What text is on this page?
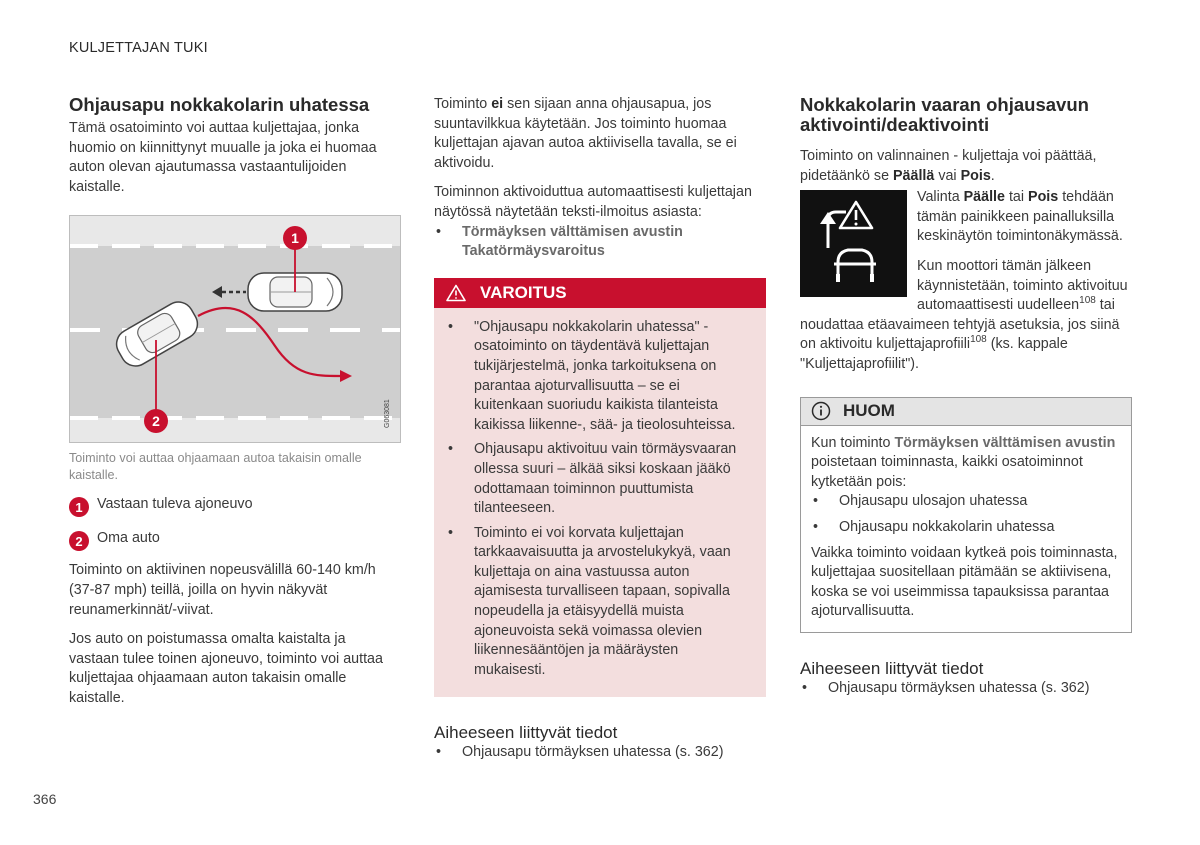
KULJETTAJAN TUKI
Ohjausapu nokkakolarin uhatessa

Tämä osatoiminto voi auttaa kuljettajaa, jonka huomio on kiinnittynyt muualle ja joka ei huomaa auton olevan ajautumassa vastaantulijoiden kaistalle.

1
2	G063081
Toiminto voi auttaa ohjaamaan autoa takaisin omalle kaistalle.
1	Vastaan tuleva ajoneuvo
2	Oma auto

Toiminto on aktiivinen nopeusvälillä 60-140 km/h (37-87 mph) teillä, joilla on hyvin näkyvät reunamerkinnät/-viivat.

Jos auto on poistumassa omalta kaistalta ja vastaan tulee toinen ajoneuvo, toiminto voi auttaa kuljettajaa ohjaamaan auton takaisin omalle kaistalle.

Toiminto ei sen sijaan anna ohjausapua, jos suuntavilkkua käytetään. Jos toiminto huomaa kuljettajan ajavan autoa aktiivisella tavalla, se ei aktivoidu.

Toiminnon aktivoiduttua automaattisesti kuljettajan näytössä näytetään teksti-ilmoitus asiasta:

• Törmäyksen välttämisen avustin
Takatörmäysvaroitus
VAROITUS
• "Ohjausapu nokkakolarin uhatessa" -osatoiminto on täydentävä kuljettajan tukijärjestelmä, jonka tarkoituksena on parantaa ajoturvallisuutta – se ei kuitenkaan suoriudu kaikista tilanteista kaikissa liikenne-, sää- ja tieolosuhteissa.
• Ohjausapu aktivoituu vain törmäysvaaran ollessa suuri – älkää siksi koskaan jääkö odottamaan toiminnon puuttumista tilanteeseen.
• Toiminto ei voi korvata kuljettajan tarkkaavaisuutta ja arvostelukykyä, vaan kuljettaja on aina vastuussa auton ajamisesta turvalliseen tapaan, sopivalla nopeudella ja etäisyydellä muista ajoneuvoista sekä voimassa olevien liikennesääntöjen ja määräysten mukaisesti.
Aiheeseen liittyvät tiedot
• Ohjausapu törmäyksen uhatessa (s. 362)
Nokkakolarin vaaran ohjausavun aktivointi/deaktivointi

Toiminto on valinnainen - kuljettaja voi päättää, pidetäänkö se Päällä vai Pois.

Valinta Päälle tai Pois tehdään tämän painikkeen painalluksilla keskinäytön toimintonäkymässä.

Kun moottori tämän jälkeen käynnistetään, toiminto aktivoituu automaattisesti uudelleen$^{108}$ tai noudattaa etäavaimeen tehtyjä asetuksia, jos siinä on aktivoitu kuljettajaprofiili$^{108}$ (ks. kappale "Kuljettajaprofiilit").

HUOM

Kun toiminto Törmäyksen välttämisen avustin poistetaan toiminnasta, kaikki osatoiminnot kytketään pois:

• Ohjausapu ulosajon uhatessa
• Ohjausapu nokkakolarin uhatessa

Vaikka toiminto voidaan kytkeä pois toiminnasta, kuljettajaa suositellaan pitämään se aktiivisena, koska se voi useimmissa tapauksissa parantaa ajoturvallisuutta.

Aiheeseen liittyvät tiedot
• Ohjausapu törmäyksen uhatessa (s. 362)
366
